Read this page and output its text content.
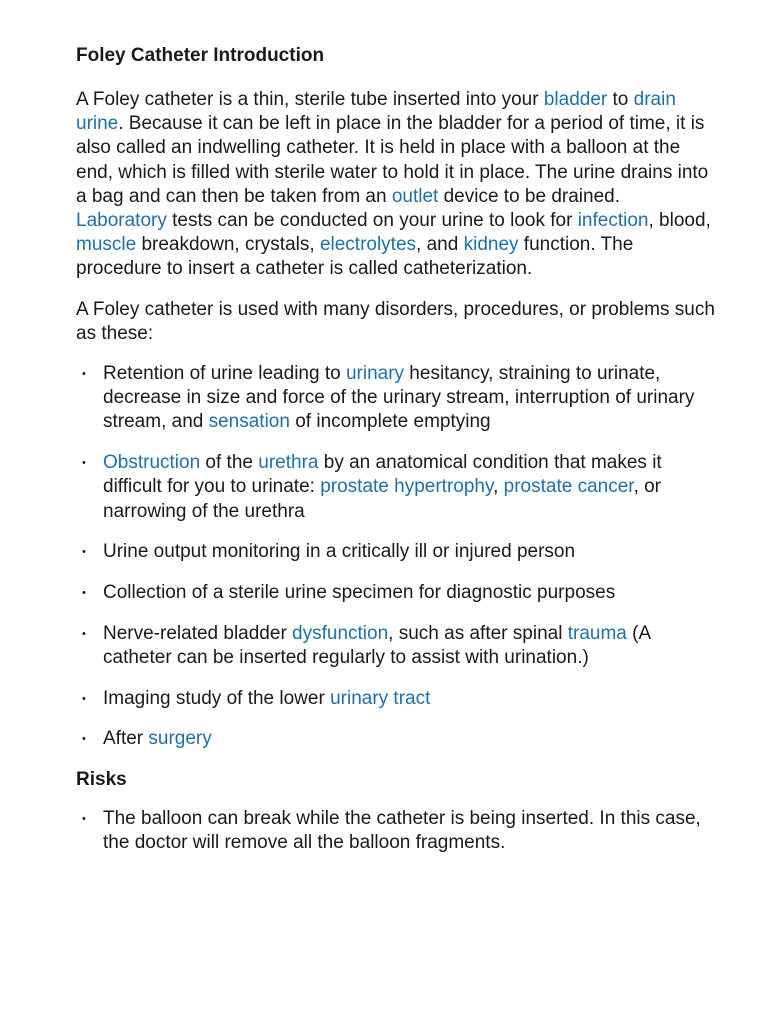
Foley Catheter Introduction

A Foley catheter is a thin, sterile tube inserted into your bladder to drain urine. Because it can be left in place in the bladder for a period of time, it is also called an indwelling catheter. It is held in place with a balloon at the end, which is filled with sterile water to hold it in place. The urine drains into a bag and can then be taken from an outlet device to be drained. Laboratory tests can be conducted on your urine to look for infection, blood, muscle breakdown, crystals, electrolytes, and kidney function. The procedure to insert a catheter is called catheterization.

A Foley catheter is used with many disorders, procedures, or problems such as these:

• Retention of urine leading to urinary hesitancy, straining to urinate, decrease in size and force of the urinary stream, interruption of urinary stream, and sensation of incomplete emptying
• Obstruction of the urethra by an anatomical condition that makes it difficult for you to urinate: prostate hypertrophy, prostate cancer, or narrowing of the urethra
• Urine output monitoring in a critically ill or injured person
• Collection of a sterile urine specimen for diagnostic purposes
• Nerve-related bladder dysfunction, such as after spinal trauma (A catheter can be inserted regularly to assist with urination.)
• Imaging study of the lower urinary tract
• After surgery
Risks
• The balloon can break while the catheter is being inserted. In this case, the doctor will remove all the balloon fragments.
